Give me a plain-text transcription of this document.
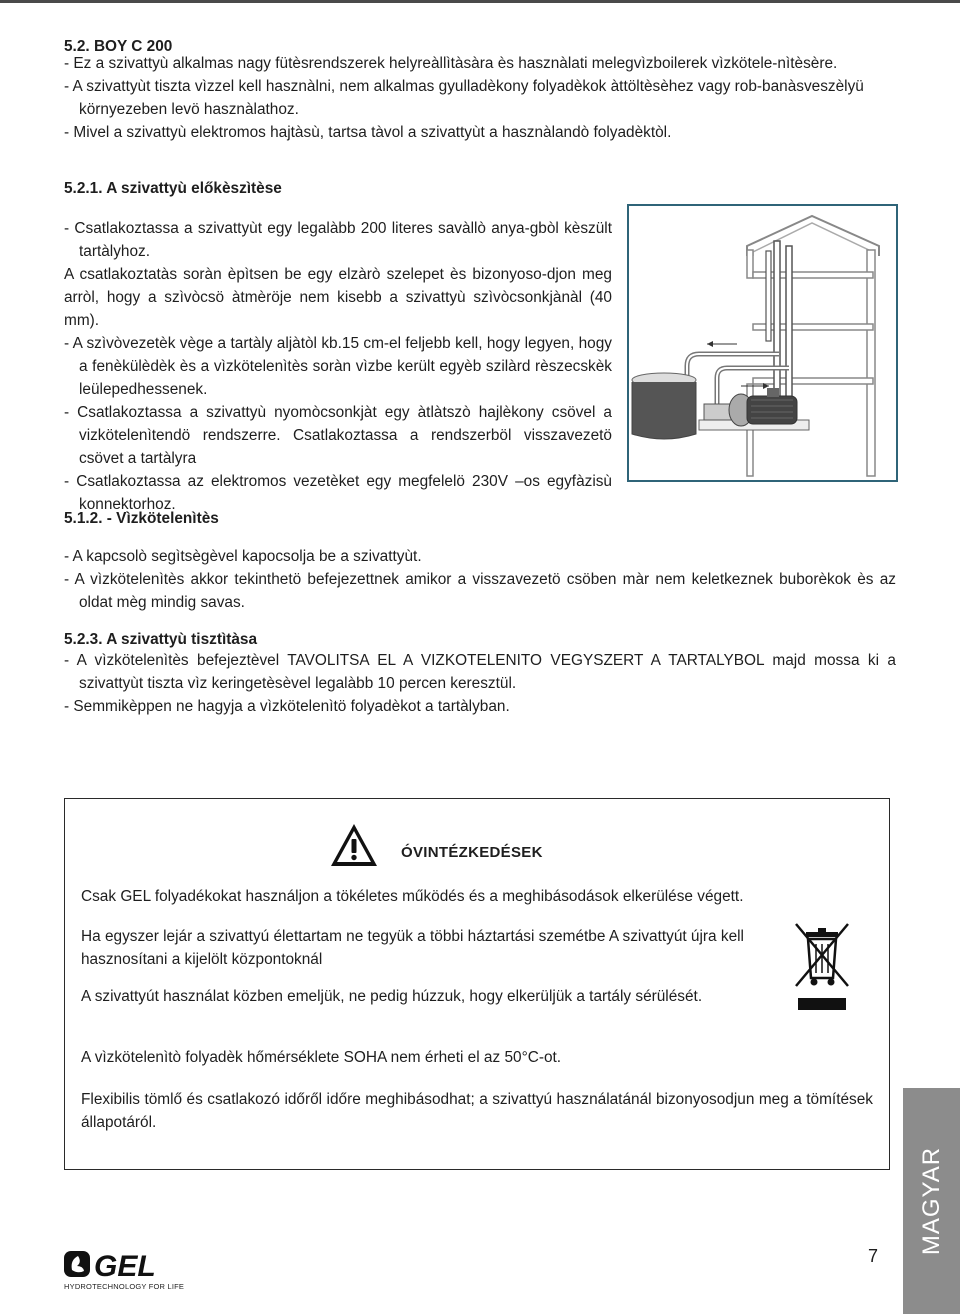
5.2. BOY C 200
- Ez a szivattyù alkalmas nagy fütèsrendszerek helyreàllìtàsàra ès hasznàlati melegvìzboilerek vìzkötele-nìtèsère.
- A szivattyùt tiszta vìzzel kell hasznàlni, nem alkalmas gyulladèkony folyadèkok àttöltèsèhez vagy rob-banàsveszèlyü környezeben levö hasznàlathoz.
- Mivel a szivattyù elektromos hajtàsù, tartsa tàvol a szivattyùt a hasznàlandò folyadèktòl.
5.2.1. A szivattyù előkèszìtèse
- Csatlakoztassa a szivattyùt egy legalàbb 200 literes savàllò anya-gbòl kèszült tartàlyhoz.
A csatlakoztatàs soràn èpìtsen be egy elzàrò szelepet ès bizonyoso-djon meg arròl, hogy a szìvòcsö àtmèröje nem kisebb a szivattyù szìvòcsonkjànàl (40 mm).
- A szìvòvezetèk vège a tartàly aljàtòl kb.15 cm-el feljebb kell, hogy legyen, hogy a fenèkülèdèk ès a vìzkötelenìtès soràn vìzbe került egyèb szilàrd rèszecskèk leülepedhessenek.
- Csatlakoztassa a szivattyù nyomòcsonkjàt egy àtlàtszò hajlèkony csövel a vizkötelenìtendö rendszerre. Csatlakoztassa a rendszerböl visszavezetö csövet a tartàlyra
- Csatlakoztassa az elektromos vezetèket egy megfelelö 230V –os egyfàzisù konnektorhoz.
5.1.2. - Vìzkötelenìtès
- A kapcsolò segìtsègèvel kapocsolja be a szivattyùt.
- A vìzkötelenìtès akkor tekinthetö befejezettnek amikor a visszavezetö csöben màr nem keletkeznek buborèkok ès az oldat mèg mindig savas.
5.2.3. A szivattyù tisztìtàsa
- A vìzkötelenìtès befejeztèvel TAVOLITSA EL A VIZKOTELENITO VEGYSZERT A TARTALYBOL majd mossa ki a szivattyùt tiszta vìz keringetèsèvel legalàbb 10 percen keresztül.
- Semmikèppen ne hagyja a vìzkötelenìtö folyadèkot a tartàlyban.
ÓVINTÉZKEDÉSEK
Csak GEL folyadékokat használjon a tökéletes működés és a meghibásodások elkerülése végett.
Ha egyszer lejár a szivattyú élettartam ne tegyük a többi háztartási szemétbe A szivattyút újra kell hasznosítani a kijelölt központoknál
A szivattyút használat közben emeljük, ne pedig húzzuk, hogy elkerüljük a tartály sérülését.
A vìzkötelenìtò folyadèk hőmérséklete SOHA nem érheti el az 50°C-ot.
Flexibilis tömlő és csatlakozó időről időre meghibásodhat; a szivattyú használatánál bizonyosodjun meg a tömítések állapotáról.
MAGYAR
7
GEL
HYDROTECHNOLOGY FOR LIFE
